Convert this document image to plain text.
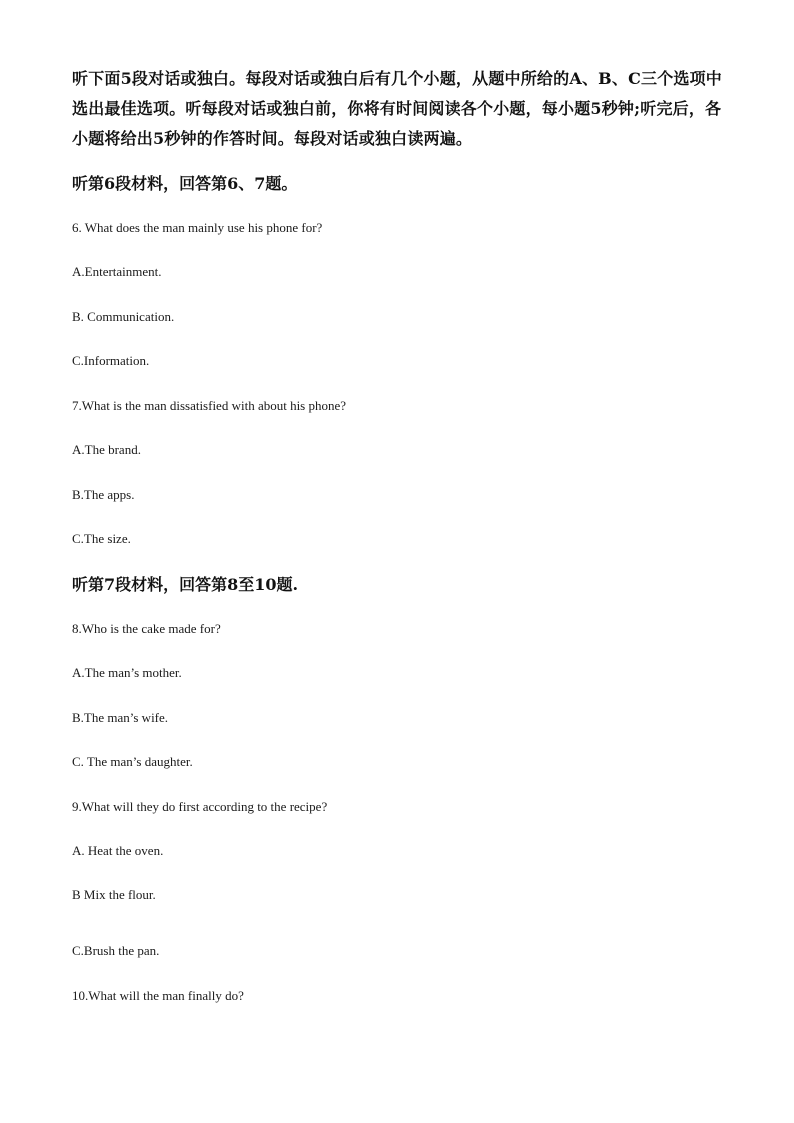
听下面5段对话或独白。每段对话或独白后有几个小题，从题中所给的A、B、C三个选项中选出最佳选项。听每段对话或独白前，你将有时间阅读各个小题，每小题5秒钟;听完后，各小题将给出5秒钟的作答时间。每段对话或独白读两遍。
听第6段材料，回答第6、7题。
6. What does the man mainly use his phone for?
A.Entertainment.
B. Communication.
C.Information.
7.What is the man dissatisfied with about his phone?
A.The brand.
B.The apps.
C.The size.
听第7段材料，回答第8至10题.
8.Who is the cake made for?
A.The man’s mother.
B.The man’s wife.
C. The man’s daughter.
9.What will they do first according to the recipe?
A. Heat the oven.
B Mix the flour.
C.Brush the pan.
10.What will the man finally do?
